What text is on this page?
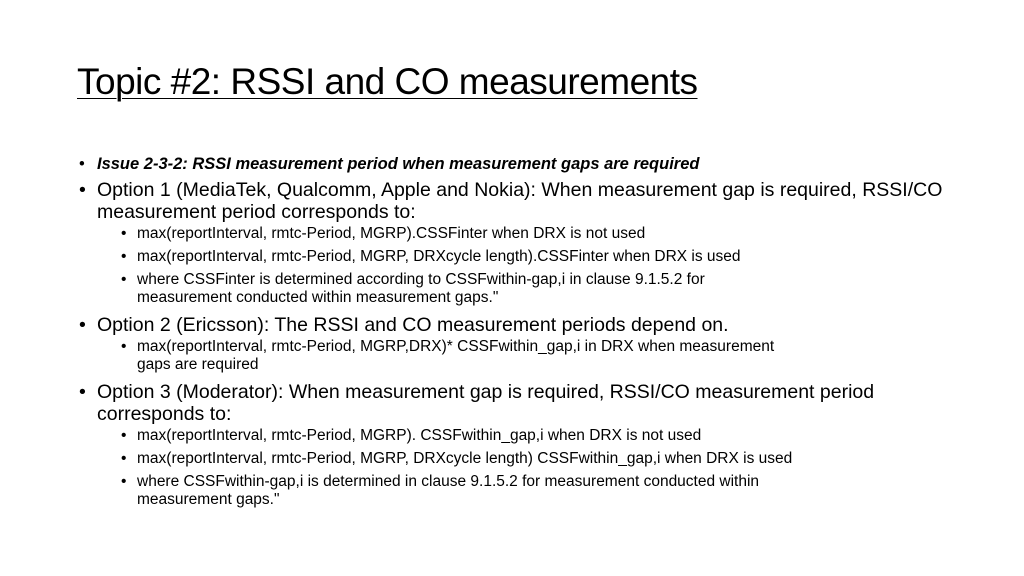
Topic #2: RSSI and CO measurements
• Issue 2-3-2: RSSI measurement period when measurement gaps are required
• Option 1 (MediaTek, Qualcomm, Apple and Nokia): When measurement gap is required, RSSI/CO measurement period corresponds to:
• max(reportInterval, rmtc-Period, MGRP).CSSFinter when DRX is not used
• max(reportInterval, rmtc-Period, MGRP, DRXcycle length).CSSFinter when DRX is used
• where CSSFinter is determined according to CSSFwithin-gap,i in clause 9.1.5.2 for
measurement conducted within measurement gaps."
• Option 2 (Ericsson): The RSSI and CO measurement periods depend on.
• max(reportInterval, rmtc-Period, MGRP,DRX)* CSSFwithin_gap,i in DRX when measurement
gaps are required
• Option 3 (Moderator): When measurement gap is required, RSSI/CO measurement period corresponds to:
• max(reportInterval, rmtc-Period, MGRP). CSSFwithin_gap,i when DRX is not used
• max(reportInterval, rmtc-Period, MGRP, DRXcycle length) CSSFwithin_gap,i when DRX is used
• where CSSFwithin-gap,i is determined in clause 9.1.5.2 for measurement conducted within
measurement gaps."
